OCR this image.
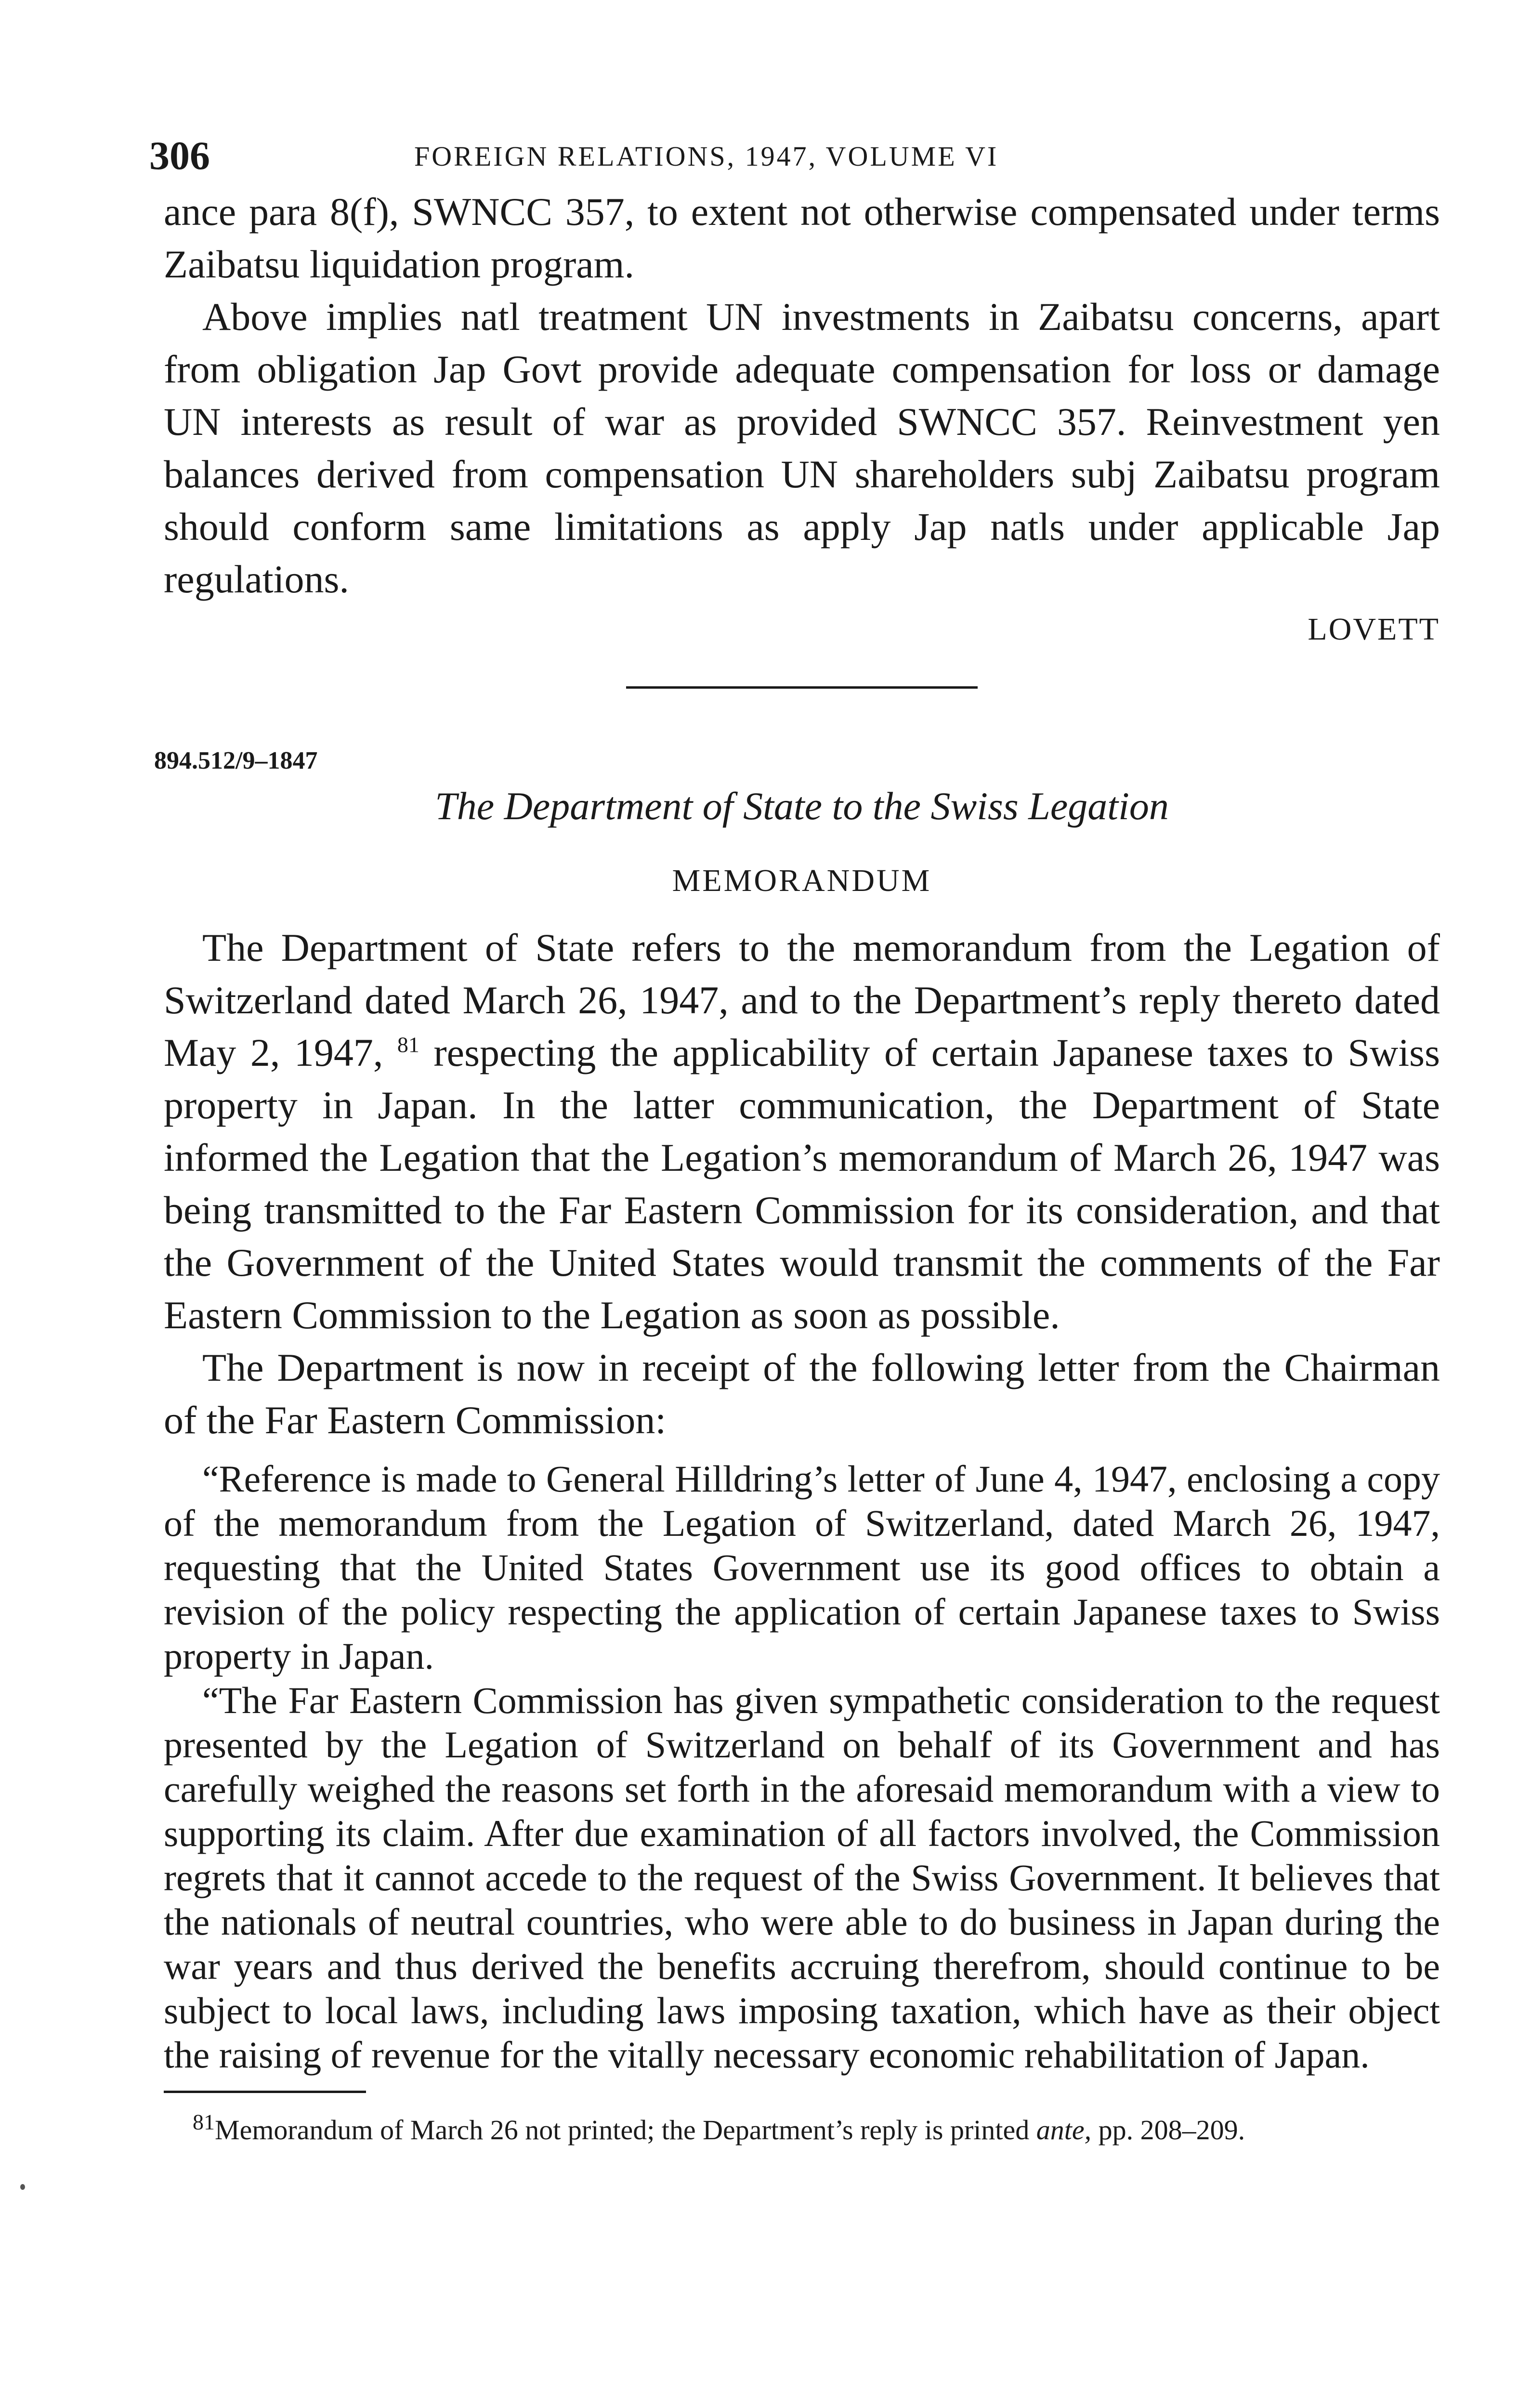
306	FOREIGN RELATIONS, 1947, VOLUME VI

ance para 8(f), SWNCC 357, to extent not otherwise compensated under terms Zaibatsu liquidation program.

Above implies natl treatment UN investments in Zaibatsu concerns, apart from obligation Jap Govt provide adequate compensation for loss or damage UN interests as result of war as provided SWNCC 357. Reinvestment yen balances derived from compensation UN shareholders subj Zaibatsu program should conform same limitations as apply Jap natls under applicable Jap regulations.

LOVETT
894.512/9–1847
The Department of State to the Swiss Legation
MEMORANDUM

The Department of State refers to the memorandum from the Legation of Switzerland dated March 26, 1947, and to the Department’s reply thereto dated May 2, 1947, $^{81}$ respecting the applicability of certain Japanese taxes to Swiss property in Japan. In the latter communication, the Department of State informed the Legation that the Legation’s memorandum of March 26, 1947 was being transmitted to the Far Eastern Commission for its consideration, and that the Government of the United States would transmit the comments of the Far Eastern Commission to the Legation as soon as possible.

The Department is now in receipt of the following letter from the Chairman of the Far Eastern Commission:

“Reference is made to General Hilldring’s letter of June 4, 1947, enclosing a copy of the memorandum from the Legation of Switzerland, dated March 26, 1947, requesting that the United States Government use its good offices to obtain a revision of the policy respecting the application of certain Japanese taxes to Swiss property in Japan.

“The Far Eastern Commission has given sympathetic consideration to the request presented by the Legation of Switzerland on behalf of its Government and has carefully weighed the reasons set forth in the aforesaid memorandum with a view to supporting its claim. After due examination of all factors involved, the Commission regrets that it cannot accede to the request of the Swiss Government. It believes that the nationals of neutral countries, who were able to do business in Japan during the war years and thus derived the benefits accruing therefrom, should continue to be subject to local laws, including laws imposing taxation, which have as their object the raising of revenue for the vitally necessary economic rehabilitation of Japan.

$^{81}$Memorandum of March 26 not printed; the Department’s reply is printed ante, pp. 208–209.
